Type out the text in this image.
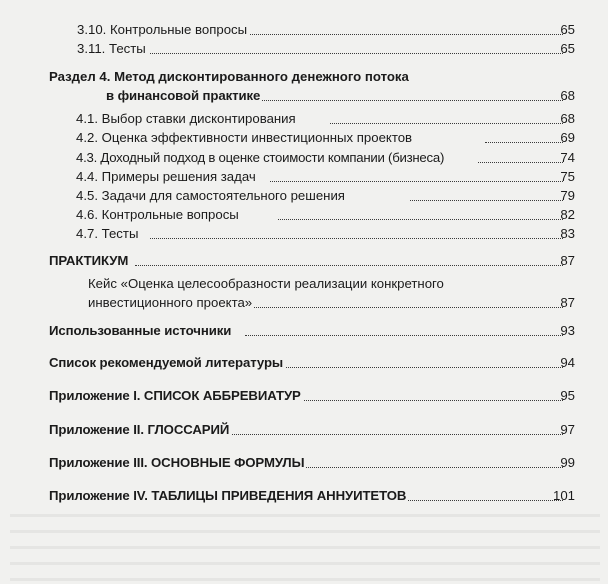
3.10. Контрольные вопросы	65
3.11. Тесты	65
Раздел 4. Метод дисконтированного денежного потока
в финансовой практике	68
4.1. Выбор ставки дисконтирования	68
4.2. Оценка эффективности инвестиционных проектов	69
4.3. Доходный подход в оценке стоимости компании (бизнеса)	74
4.4. Примеры решения задач	75
4.5. Задачи для самостоятельного решения	79
4.6. Контрольные вопросы	82
4.7. Тесты	83
ПРАКТИКУМ	87
Кейс «Оценка целесообразности реализации конкретного
инвестиционного проекта»	87
Использованные источники	93
Список рекомендуемой литературы	94
Приложение I. СПИСОК АББРЕВИАТУР	95
Приложение II. ГЛОССАРИЙ	97
Приложение III. ОСНОВНЫЕ ФОРМУЛЫ	99
Приложение IV. ТАБЛИЦЫ ПРИВЕДЕНИЯ АННУИТЕТОВ	101
